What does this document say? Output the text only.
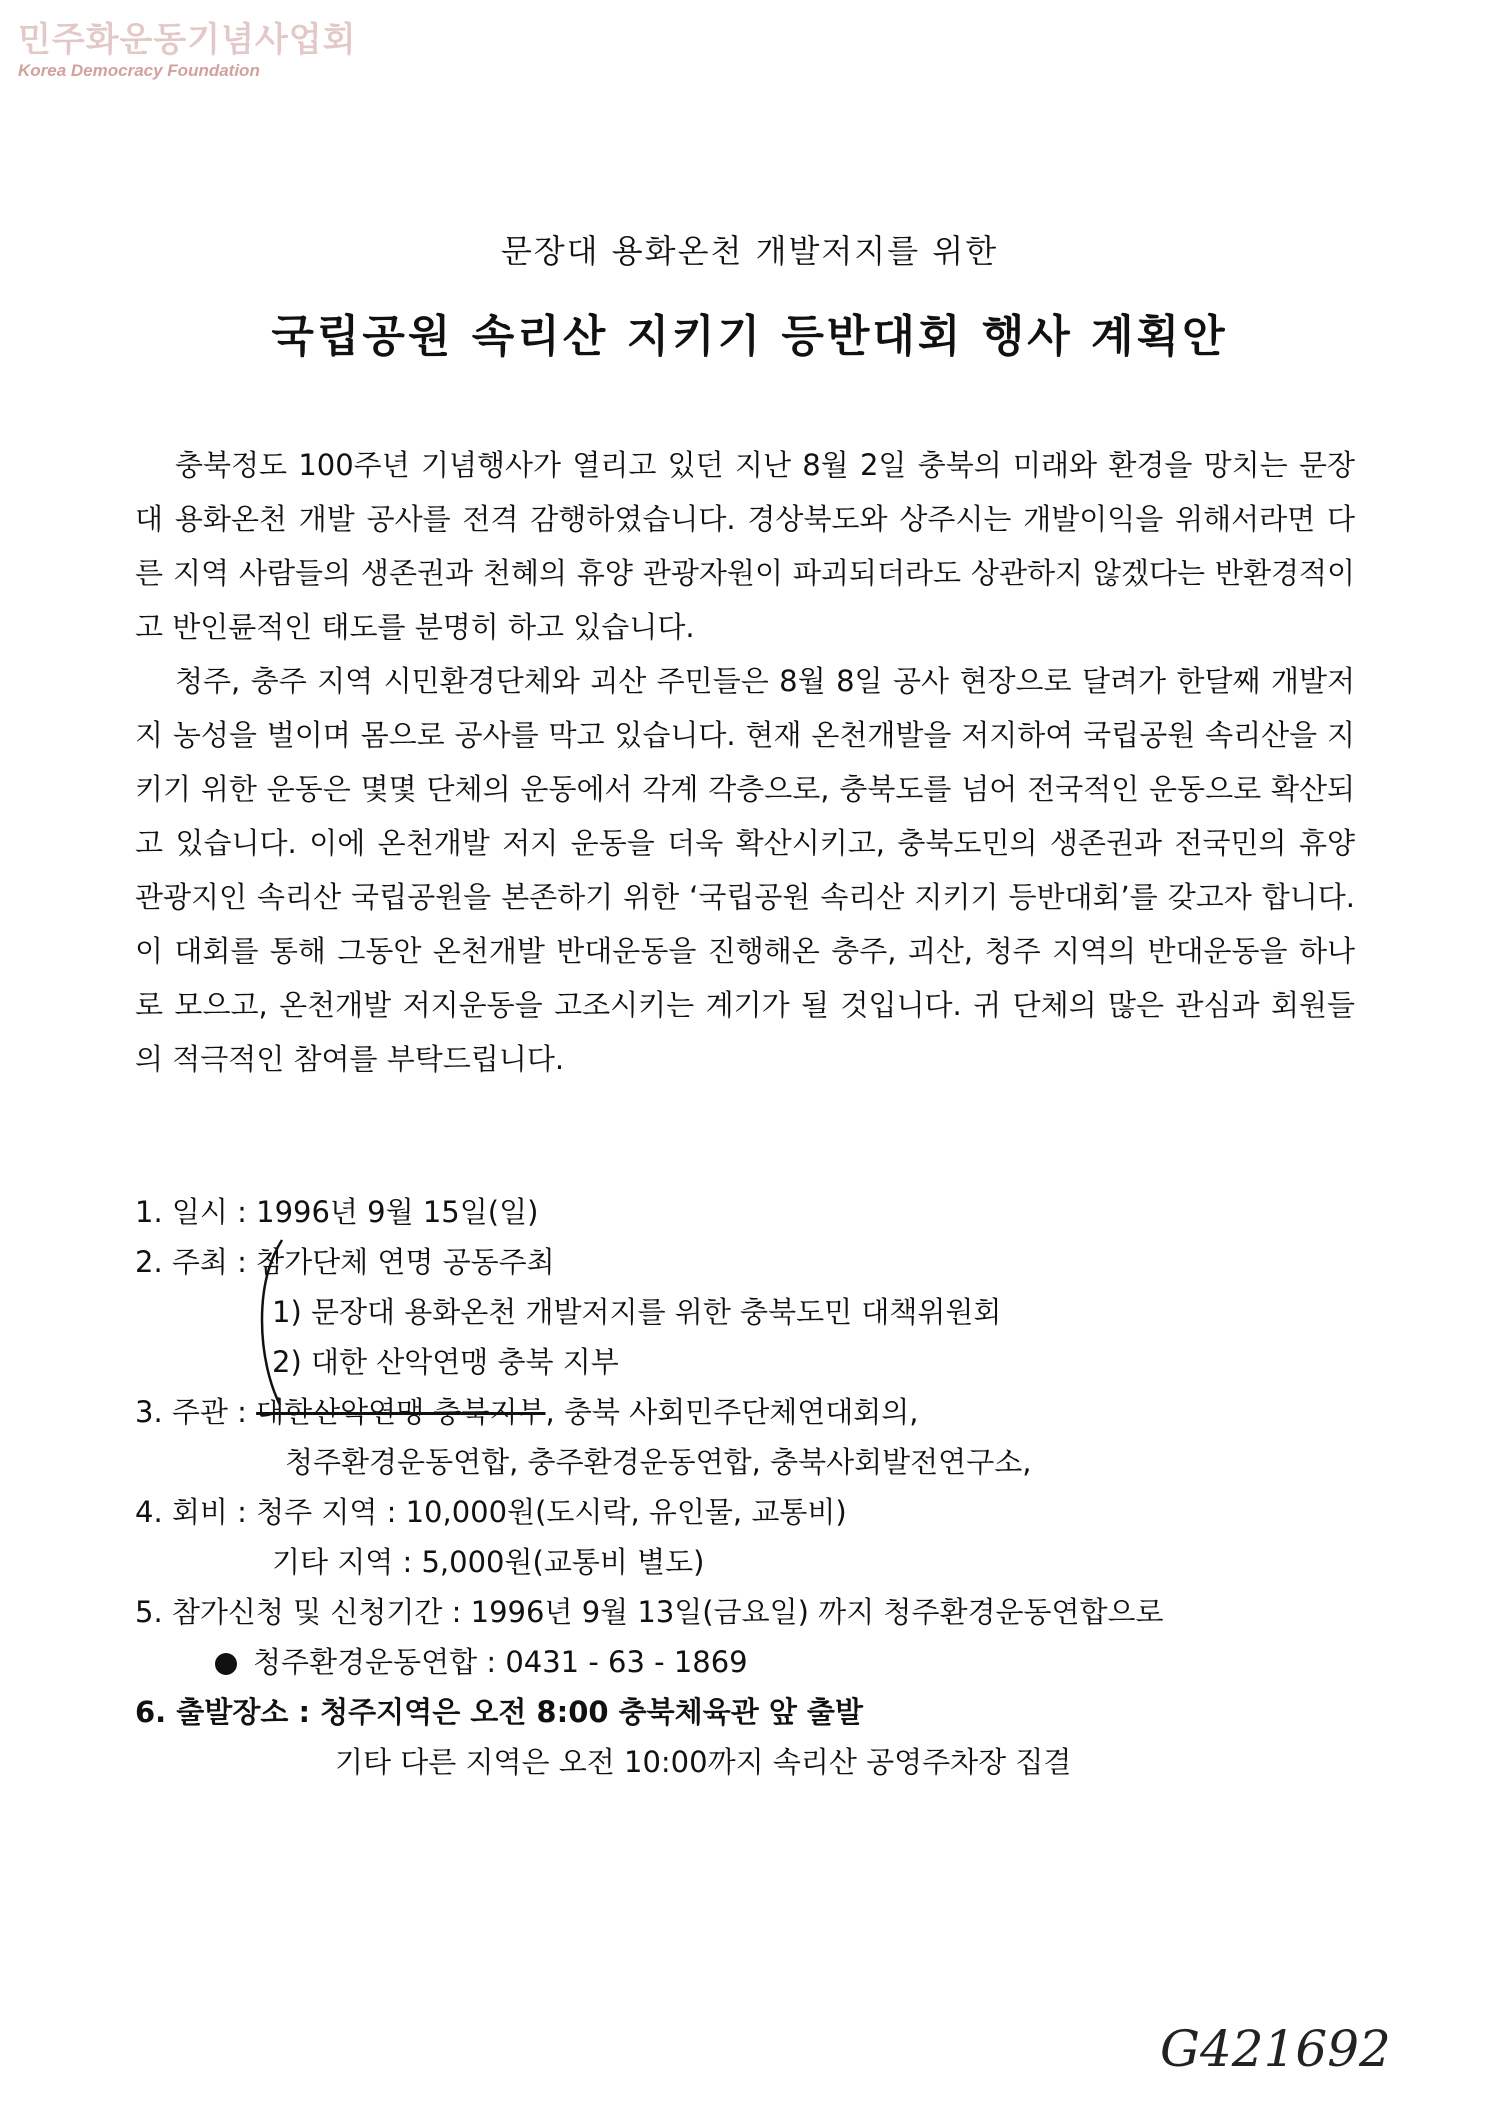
민주화운동기념사업회
Korea Democracy Foundation
문장대 용화온천 개발저지를 위한
국립공원 속리산 지키기 등반대회 행사 계획안

충북정도 100주년 기념행사가 열리고 있던 지난 8월 2일 충북의 미래와 환경을 망치는 문장대 용화온천 개발 공사를 전격 감행하였습니다. 경상북도와 상주시는 개발이익을 위해서라면 다른 지역 사람들의 생존권과 천혜의 휴양 관광자원이 파괴되더라도 상관하지 않겠다는 반환경적이고 반인륜적인 태도를 분명히 하고 있습니다.

청주, 충주 지역 시민환경단체와 괴산 주민들은 8월 8일 공사 현장으로 달려가 한달째 개발저지 농성을 벌이며 몸으로 공사를 막고 있습니다. 현재 온천개발을 저지하여 국립공원 속리산을 지키기 위한 운동은 몇몇 단체의 운동에서 각계 각층으로, 충북도를 넘어 전국적인 운동으로 확산되고 있습니다. 이에 온천개발 저지 운동을 더욱 확산시키고, 충북도민의 생존권과 전국민의 휴양 관광지인 속리산 국립공원을 본존하기 위한 ‘국립공원 속리산 지키기 등반대회’를 갖고자 합니다. 이 대회를 통해 그동안 온천개발 반대운동을 진행해온 충주, 괴산, 청주 지역의 반대운동을 하나로 모으고, 온천개발 저지운동을 고조시키는 계기가 될 것입니다. 귀 단체의 많은 관심과 회원들의 적극적인 참여를 부탁드립니다.

1. 일시 : 1996년 9월 15일(일)
2. 주최 : 참가단체 연명 공동주최
1) 문장대 용화온천 개발저지를 위한 충북도민 대책위원회
2) 대한 산악연맹 충북 지부
3. 주관 : 대한산악연맹 충북지부, 충북 사회민주단체연대회의,
청주환경운동연합, 충주환경운동연합, 충북사회발전연구소,
4. 회비 : 청주 지역 : 10,000원(도시락, 유인물, 교통비)
기타 지역 : 5,000원(교통비 별도)
5. 참가신청 및 신청기간 : 1996년 9월 13일(금요일) 까지 청주환경운동연합으로
청주환경운동연합 : 0431 - 63 - 1869
6. 출발장소 : 청주지역은 오전 8:00 충북체육관 앞 출발
기타 다른 지역은 오전 10:00까지 속리산 공영주차장 집결
G421692
